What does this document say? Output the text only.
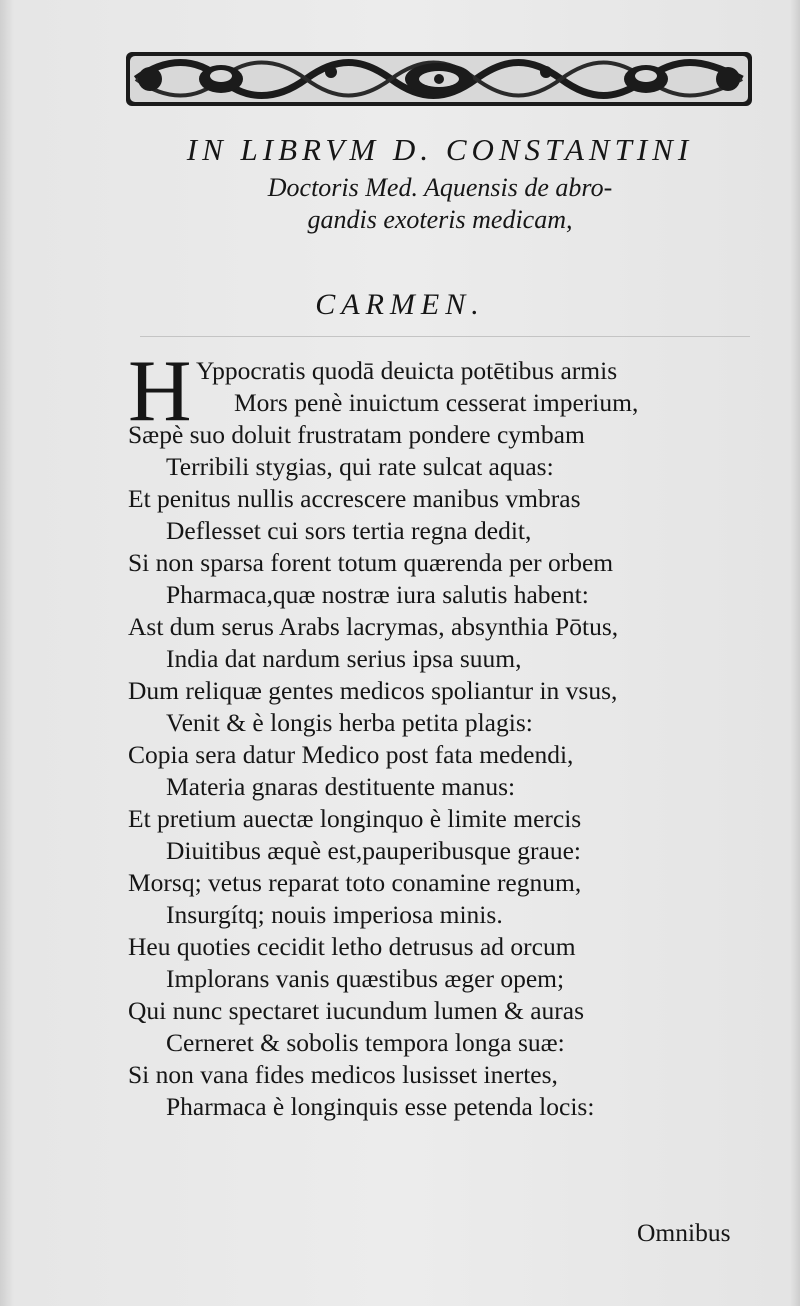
IN LIBRVM D. CONSTANTINI
Doctoris Med. Aquensis de abro-
gandis exoteris medicam,
CARMEN.
H Yppocratis quodā deuicta potētibus armis
Mors penè inuictum cesserat imperium,
Sæpè suo doluit frustratam pondere cymbam
Terribili stygias, qui rate sulcat aquas:
Et penitus nullis accrescere manibus vmbras
Deflesset cui sors tertia regna dedit,
Si non sparsa forent totum quærenda per orbem
Pharmaca,quæ nostræ iura salutis habent:
Ast dum serus Arabs lacrymas, absynthia Pōtus,
India dat nardum serius ipsa suum,
Dum reliquæ gentes medicos spoliantur in vsus,
Venit & è longis herba petita plagis:
Copia sera datur Medico post fata medendi,
Materia gnaras destituente manus:
Et pretium auectæ longinquo è limite mercis
Diuitibus æquè est,pauperibusque graue:
Morsq; vetus reparat toto conamine regnum,
Insurgítq; nouis imperiosa minis.
Heu quoties cecidit letho detrusus ad orcum
Implorans vanis quæstibus æger opem;
Qui nunc spectaret iucundum lumen & auras
Cerneret & sobolis tempora longa suæ:
Si non vana fides medicos lusisset inertes,
Pharmaca è longinquis esse petenda locis:
Omnibus
